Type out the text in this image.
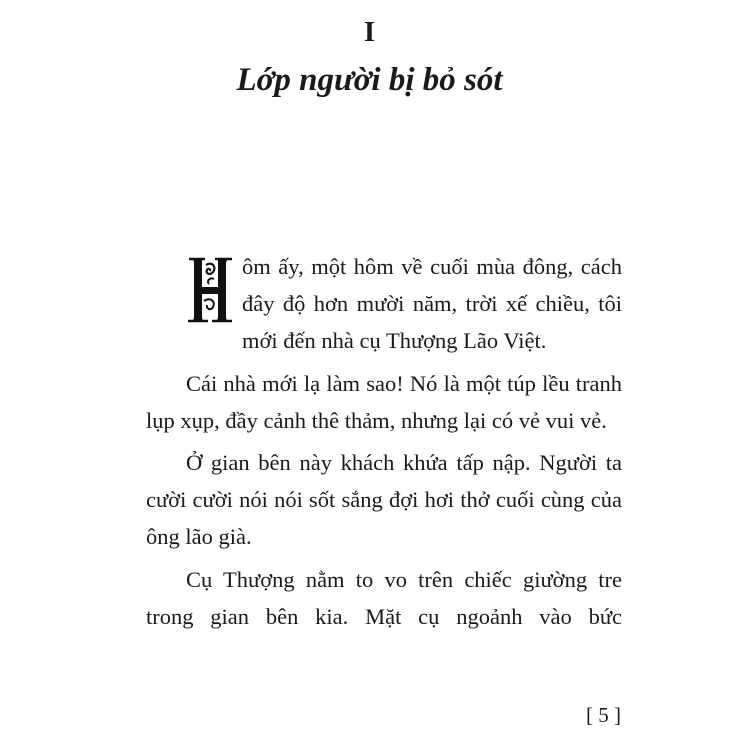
I
Lớp người bị bỏ sót

ôm ấy, một hôm về cuối mùa đông, cách đây độ hơn mười năm, trời xế chiều, tôi mới đến nhà cụ Thượng Lão Việt.

Cái nhà mới lạ làm sao! Nó là một túp lều tranh lụp xụp, đầy cảnh thê thảm, nhưng lại có vẻ vui vẻ.

Ở gian bên này khách khứa tấp nập. Người ta cười cười nói nói sốt sắng đợi hơi thở cuối cùng của ông lão già.

Cụ Thượng nằm to vo trên chiếc giường tre trong gian bên kia. Mặt cụ ngoảnh vào bức

[ 5 ]
